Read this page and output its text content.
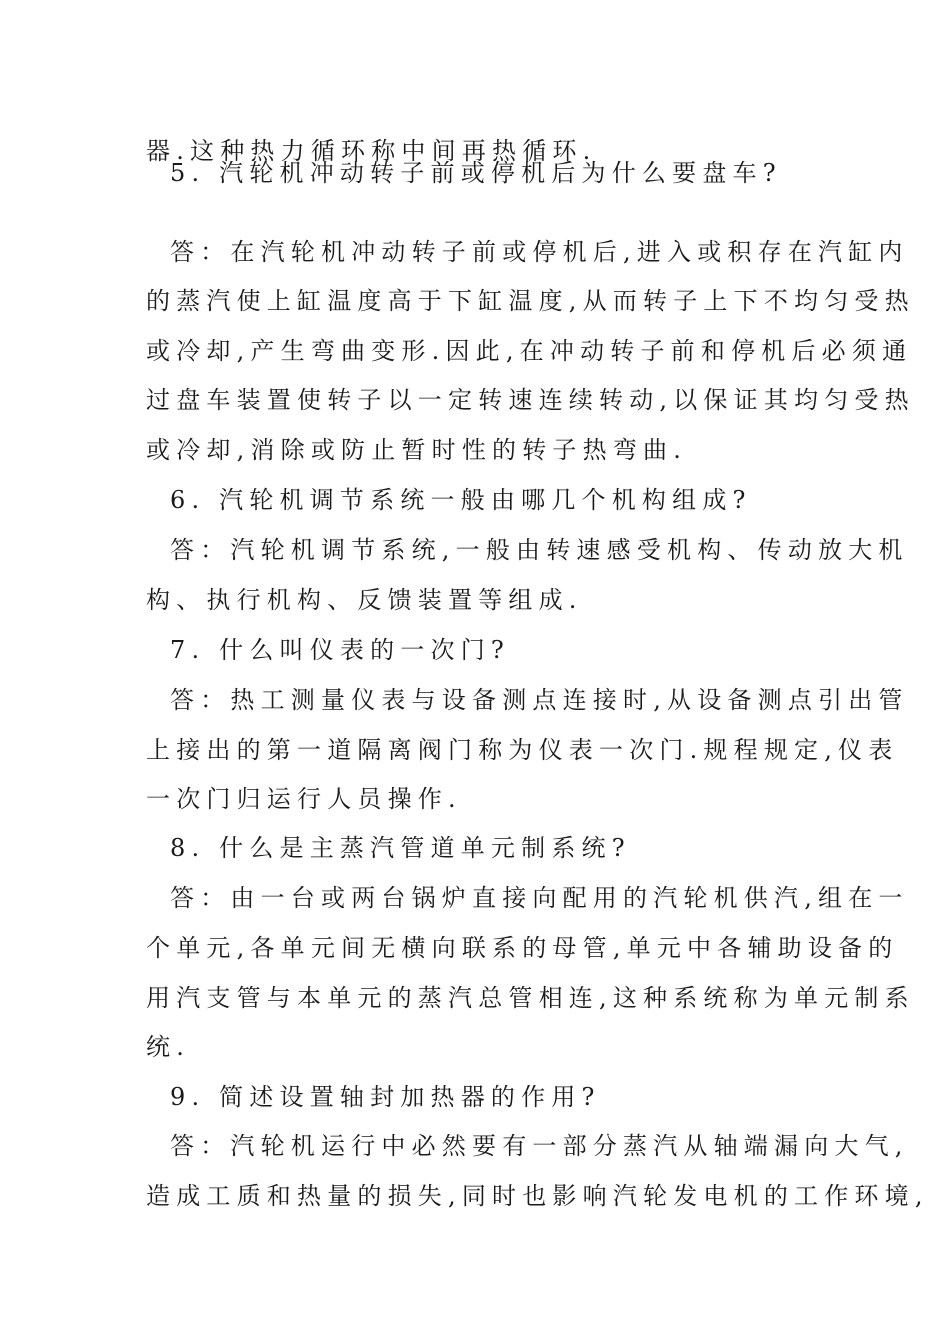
器.这种热力循环称中间再热循环.
5. 汽轮机冲动转子前或停机后为什么要盘车?
答：在汽轮机冲动转子前或停机后,进入或积存在汽缸内
的蒸汽使上缸温度高于下缸温度,从而转子上下不均匀受热
或冷却,产生弯曲变形.因此,在冲动转子前和停机后必须通
过盘车装置使转子以一定转速连续转动,以保证其均匀受热
或冷却,消除或防止暂时性的转子热弯曲.
6. 汽轮机调节系统一般由哪几个机构组成?
答：汽轮机调节系统,一般由转速感受机构、传动放大机
构、执行机构、反馈装置等组成.
7. 什么叫仪表的一次门?
答：热工测量仪表与设备测点连接时,从设备测点引出管
上接出的第一道隔离阀门称为仪表一次门.规程规定,仪表
一次门归运行人员操作.
8. 什么是主蒸汽管道单元制系统?
答：由一台或两台锅炉直接向配用的汽轮机供汽,组在一
个单元,各单元间无横向联系的母管,单元中各辅助设备的
用汽支管与本单元的蒸汽总管相连,这种系统称为单元制系
统.
9. 简述设置轴封加热器的作用?
答：汽轮机运行中必然要有一部分蒸汽从轴端漏向大气,
造成工质和热量的损失,同时也影响汽轮发电机的工作环境,
